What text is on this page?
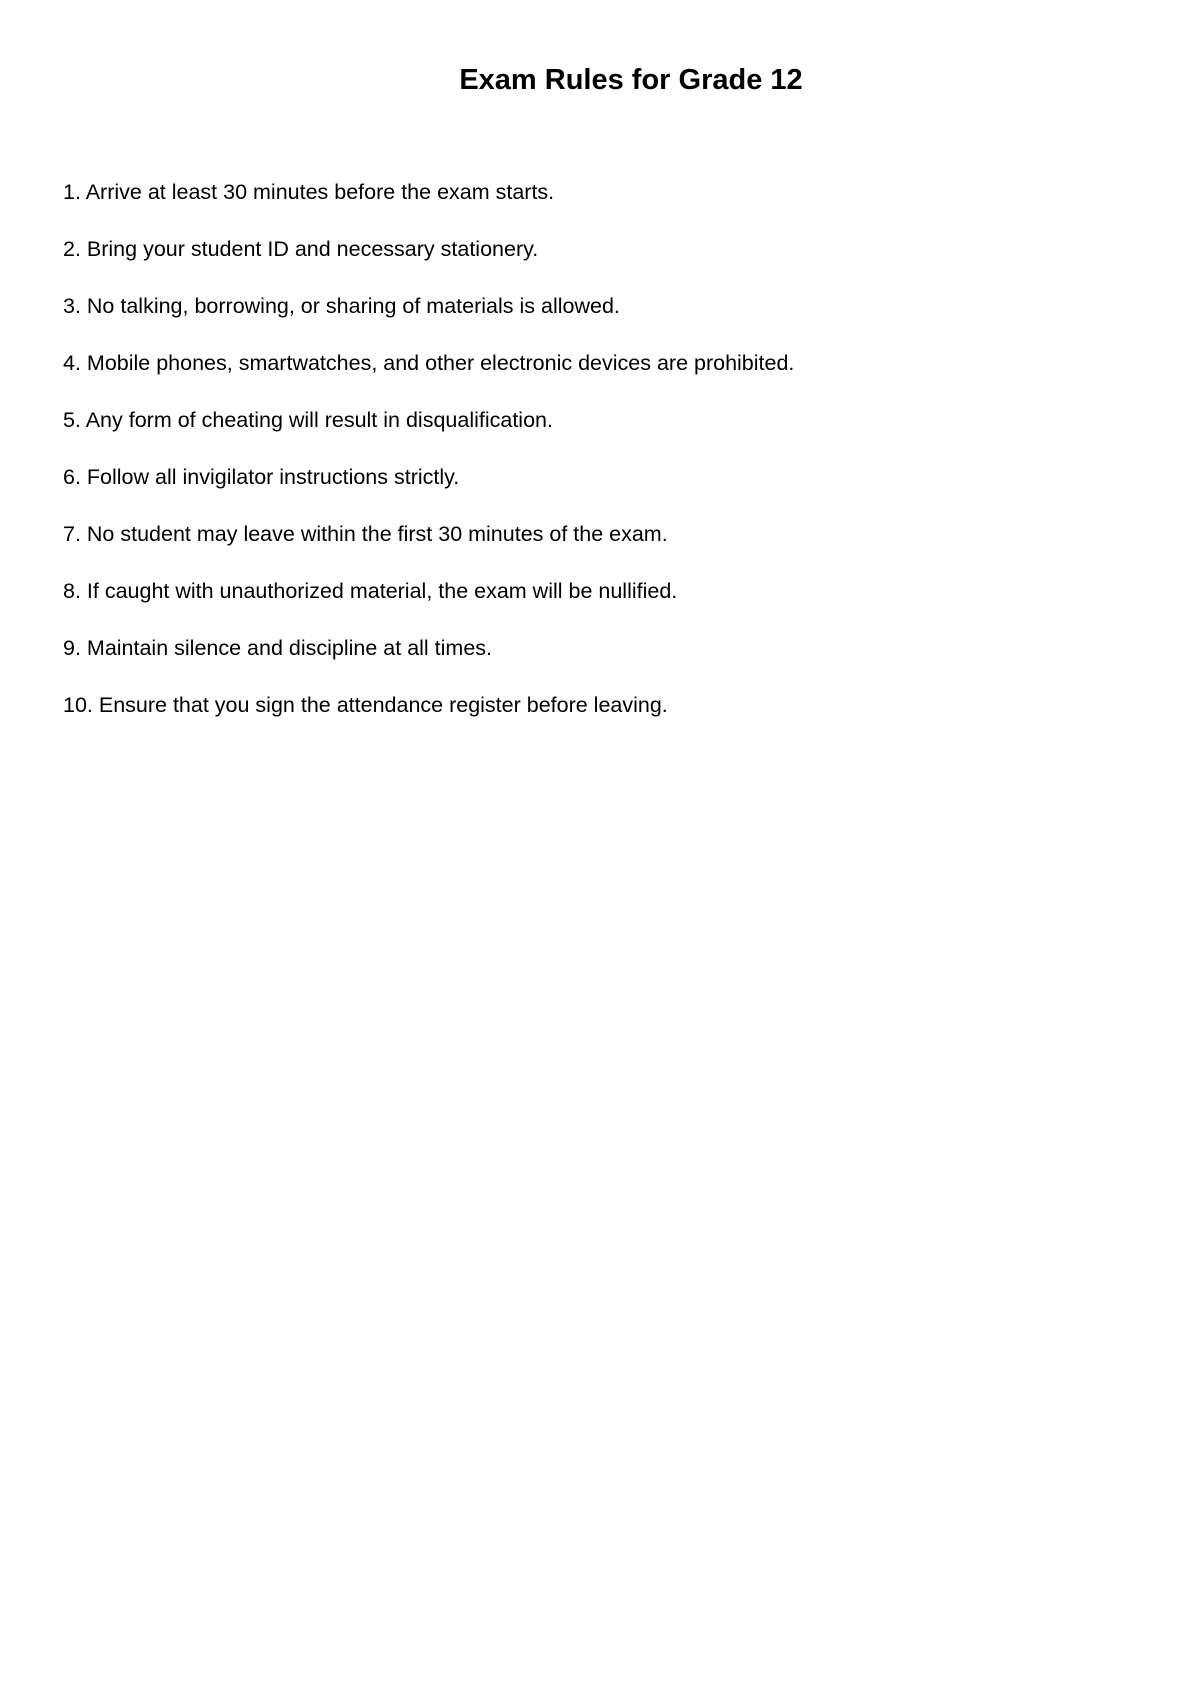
Exam Rules for Grade 12
1. Arrive at least 30 minutes before the exam starts.
2. Bring your student ID and necessary stationery.
3. No talking, borrowing, or sharing of materials is allowed.
4. Mobile phones, smartwatches, and other electronic devices are prohibited.
5. Any form of cheating will result in disqualification.
6. Follow all invigilator instructions strictly.
7. No student may leave within the first 30 minutes of the exam.
8. If caught with unauthorized material, the exam will be nullified.
9. Maintain silence and discipline at all times.
10. Ensure that you sign the attendance register before leaving.
